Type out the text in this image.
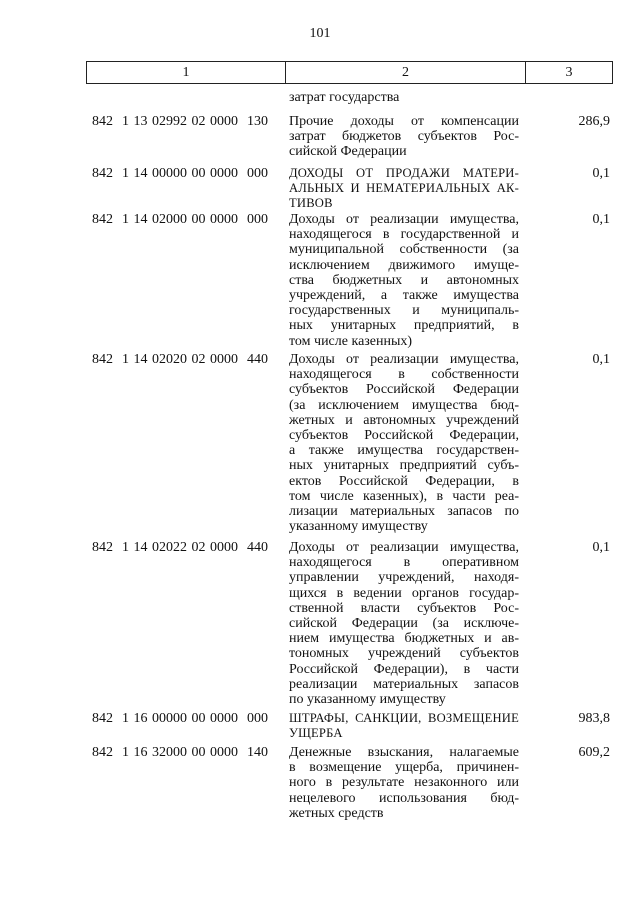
101
1	2	3
затрат государства
842  1 13 02992 02 0000  130 Прочие доходы от компенсации
затрат бюджетов субъектов Рос-
сийской Федерации
286,9
842  1 14 00000 00 0000  000 ДОХОДЫ ОТ ПРОДАЖИ МАТЕРИ-
АЛЬНЫХ И НЕМАТЕРИАЛЬНЫХ АК-
ТИВОВ
0,1
842  1 14 02000 00 0000  000 Доходы от реализации имущества,
находящегося в государственной и
муниципальной собственности (за
исключением движимого имуще-
ства бюджетных и автономных
учреждений, а также имущества
государственных и муниципаль-
ных унитарных предприятий, в
том числе казенных)
0,1
842  1 14 02020 02 0000  440 Доходы от реализации имущества,
находящегося в собственности
субъектов Российской Федерации
(за исключением имущества бюд-
жетных и автономных учреждений
субъектов Российской Федерации,
а также имущества государствен-
ных унитарных предприятий субъ-
ектов Российской Федерации, в
том числе казенных), в части реа-
лизации материальных запасов по
указанному имуществу
0,1
842  1 14 02022 02 0000  440 Доходы от реализации имущества,
находящегося в оперативном
управлении учреждений, находя-
щихся в ведении органов государ-
ственной власти субъектов Рос-
сийской Федерации (за исключе-
нием имущества бюджетных и ав-
тономных учреждений субъектов
Российской Федерации), в части
реализации материальных запасов
по указанному имуществу
0,1
842  1 16 00000 00 0000  000 ШТРАФЫ, САНКЦИИ, ВОЗМЕЩЕНИЕ
УЩЕРБА
983,8
842  1 16 32000 00 0000  140 Денежные взыскания, налагаемые
в возмещение ущерба, причинен-
ного в результате незаконного или
нецелевого использования бюд-
жетных средств
609,2
